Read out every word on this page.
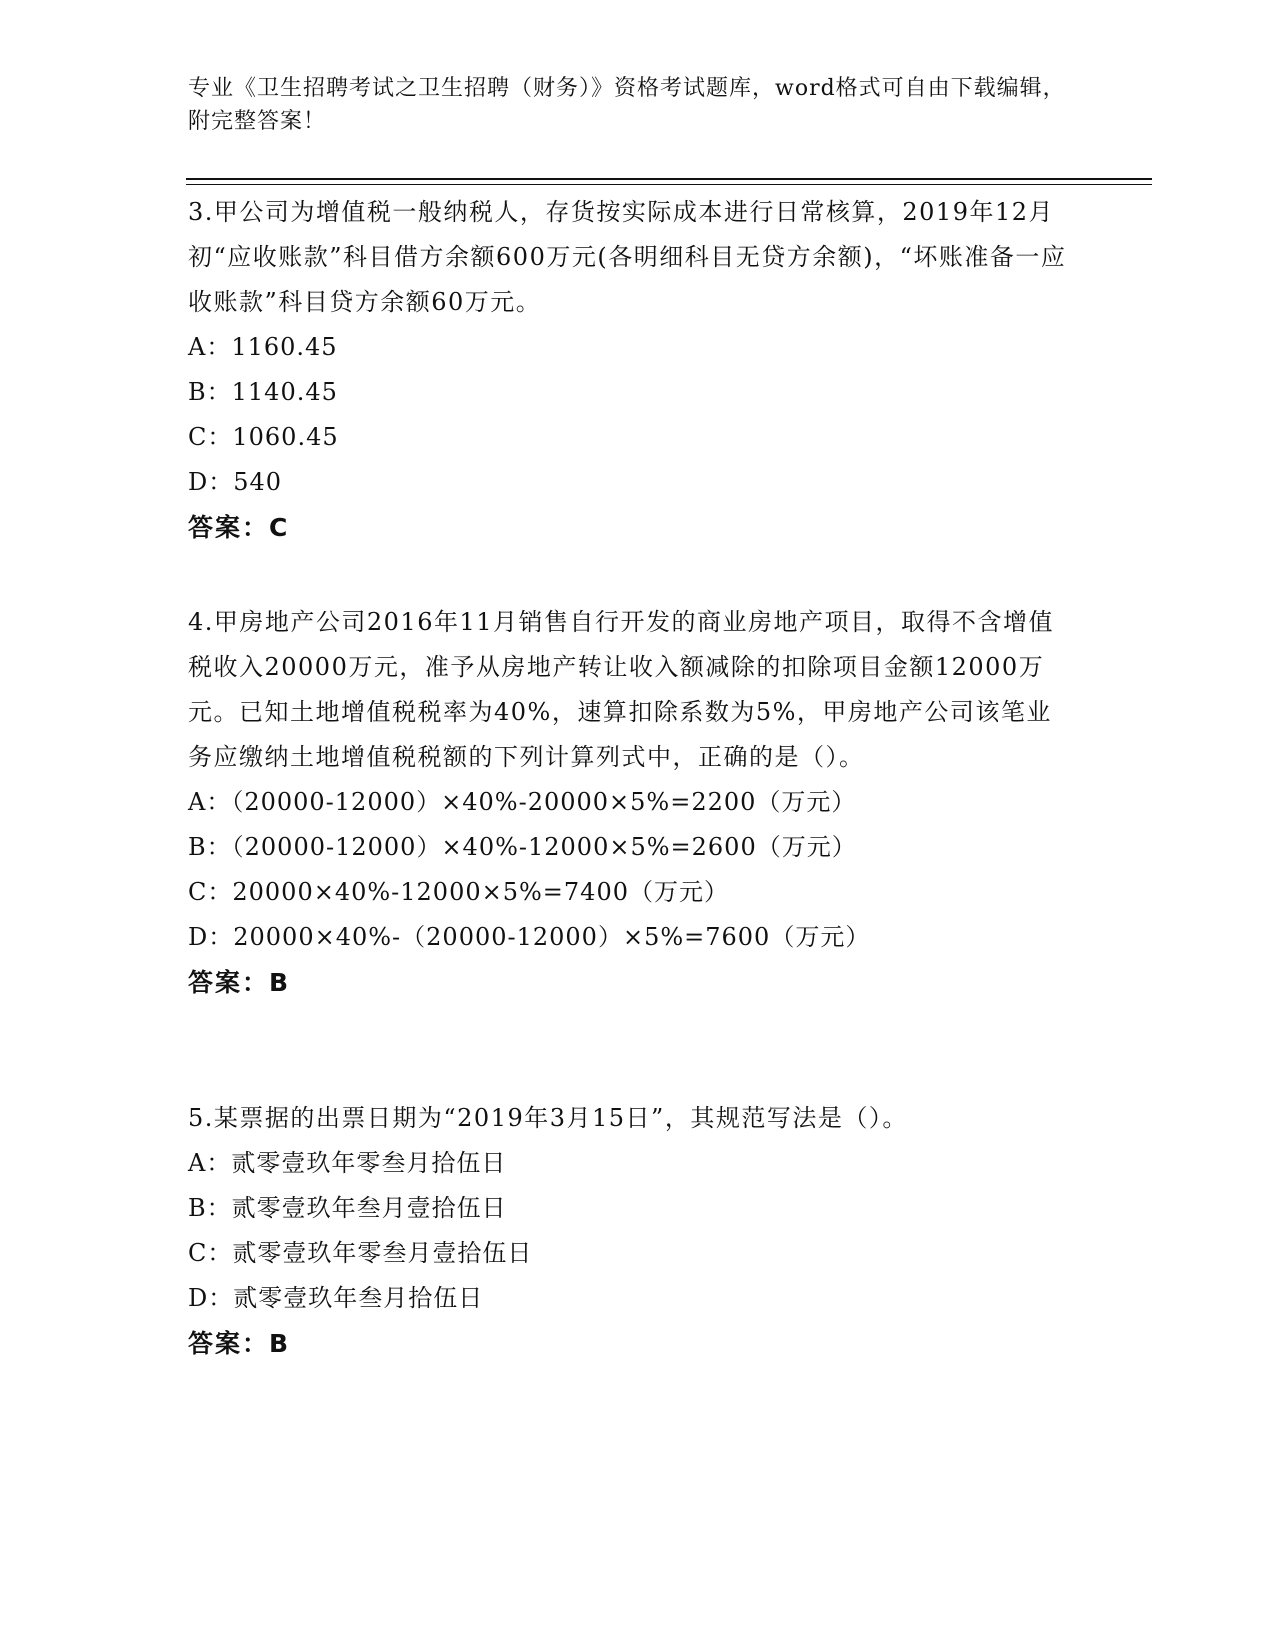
专业《卫生招聘考试之卫生招聘（财务）》资格考试题库，word格式可自由下载编辑，附完整答案！

3.甲公司为增值税一般纳税人，存货按实际成本进行日常核算，2019年12月初“应收账款”科目借方余额600万元(各明细科目无贷方余额)，“坏账准备一应收账款”科目贷方余额60万元。

A：1160.45

B：1140.45

C：1060.45

D：540

答案：C

4.甲房地产公司2016年11月销售自行开发的商业房地产项目，取得不含增值税收入20000万元，准予从房地产转让收入额减除的扣除项目金额12000万元。已知土地增值税税率为40%，速算扣除系数为5%，甲房地产公司该笔业务应缴纳土地增值税税额的下列计算列式中，正确的是（）。

A：（20000-12000）×40%-20000×5%=2200（万元）

B：（20000-12000）×40%-12000×5%=2600（万元）

C：20000×40%-12000×5%=7400（万元）

D：20000×40%-（20000-12000）×5%=7600（万元）

答案：B

5.某票据的出票日期为“2019年3月15日”，其规范写法是（）。

A：贰零壹玖年零叁月拾伍日

B：贰零壹玖年叁月壹拾伍日

C：贰零壹玖年零叁月壹拾伍日

D：贰零壹玖年叁月拾伍日

答案：B
